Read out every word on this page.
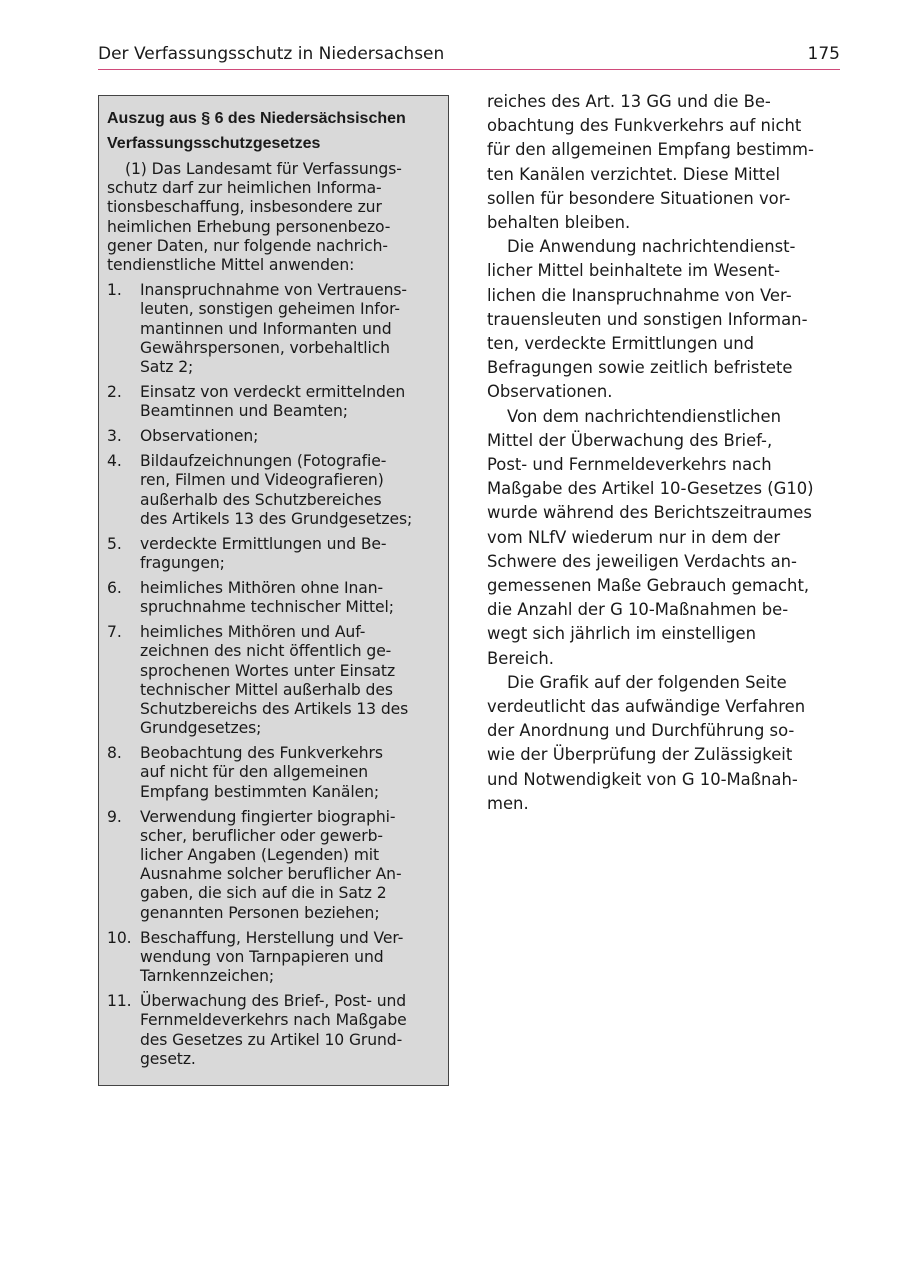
Der Verfassungsschutz in Niedersachsen	175
Auszug aus § 6 des Niedersächsischen
Verfassungsschutzgesetzes
(1) Das Landesamt für Verfassungs-
schutz darf zur heimlichen Informa-
tionsbeschaffung, insbesondere zur
heimlichen Erhebung personenbezo-
gener Daten, nur folgende nachrich-
tendienstliche Mittel anwenden:
1. Inanspruchnahme von Vertrauens-
leuten, sonstigen geheimen Infor-
mantinnen und Informanten und
Gewährspersonen, vorbehaltlich
Satz 2;
2. Einsatz von verdeckt ermittelnden
Beamtinnen und Beamten;
3. Observationen;
4. Bildaufzeichnungen (Fotografie-
ren, Filmen und Videografieren)
außerhalb des Schutzbereiches
des Artikels 13 des Grundgesetzes;
5. verdeckte Ermittlungen und Be-
fragungen;
6. heimliches Mithören ohne Inan-
spruchnahme technischer Mittel;
7. heimliches Mithören und Auf-
zeichnen des nicht öffentlich ge-
sprochenen Wortes unter Einsatz
technischer Mittel außerhalb des
Schutzbereichs des Artikels 13 des
Grundgesetzes;
8. Beobachtung des Funkverkehrs
auf nicht für den allgemeinen
Empfang bestimmten Kanälen;
9. Verwendung fingierter biographi-
scher, beruflicher oder gewerb-
licher Angaben (Legenden) mit
Ausnahme solcher beruflicher An-
gaben, die sich auf die in Satz 2
genannten Personen beziehen;
10. Beschaffung, Herstellung und Ver-
wendung von Tarnpapieren und
Tarnkennzeichen;
11. Überwachung des Brief-, Post- und
Fernmeldeverkehrs nach Maßgabe
des Gesetzes zu Artikel 10 Grund-
gesetz.

reiches des Art. 13 GG und die Be-
obachtung des Funkverkehrs auf nicht
für den allgemeinen Empfang bestimm-
ten Kanälen verzichtet. Diese Mittel
sollen für besondere Situationen vor-
behalten bleiben.

Die Anwendung nachrichtendienst-
licher Mittel beinhaltete im Wesent-
lichen die Inanspruchnahme von Ver-
trauensleuten und sonstigen Informan-
ten, verdeckte Ermittlungen und
Befragungen sowie zeitlich befristete
Observationen.

Von dem nachrichtendienstlichen
Mittel der Überwachung des Brief-,
Post- und Fernmeldeverkehrs nach
Maßgabe des Artikel 10-Gesetzes (G10)
wurde während des Berichtszeitraumes
vom NLfV wiederum nur in dem der
Schwere des jeweiligen Verdachts an-
gemessenen Maße Gebrauch gemacht,
die Anzahl der G 10-Maßnahmen be-
wegt sich jährlich im einstelligen
Bereich.

Die Grafik auf der folgenden Seite
verdeutlicht das aufwändige Verfahren
der Anordnung und Durchführung so-
wie der Überprüfung der Zulässigkeit
und Notwendigkeit von G 10-Maßnah-
men.
